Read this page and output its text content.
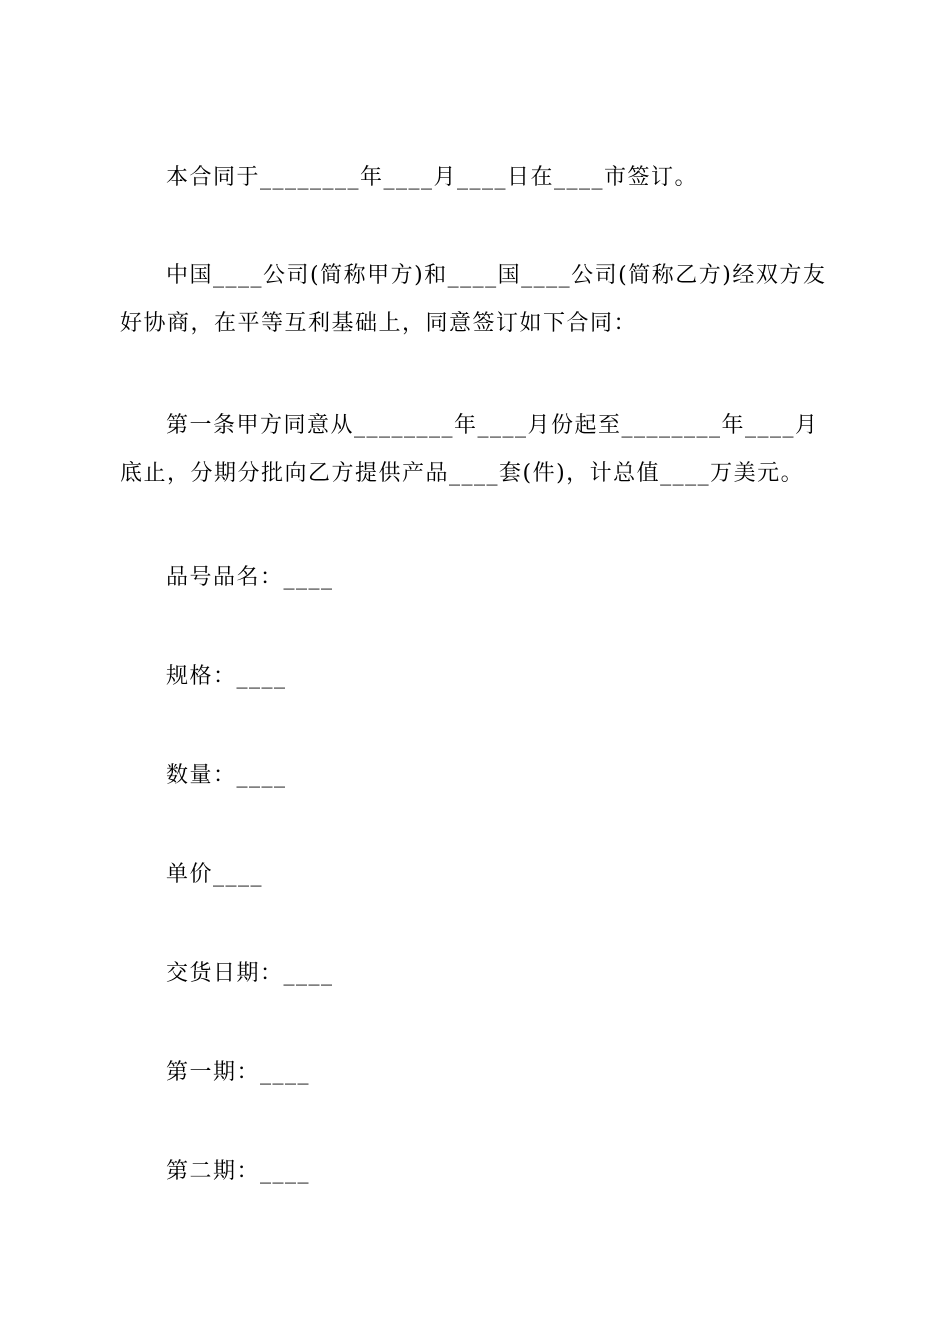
本合同于________年____月____日在____市签订。

中国____公司(简称甲方)和____国____公司(简称乙方)经双方友好协商，在平等互利基础上，同意签订如下合同：

第一条甲方同意从________年____月份起至________年____月底止，分期分批向乙方提供产品____套(件)，计总值____万美元。

品号品名：____

规格：____

数量：____

单价____

交货日期：____

第一期：____

第二期：____
